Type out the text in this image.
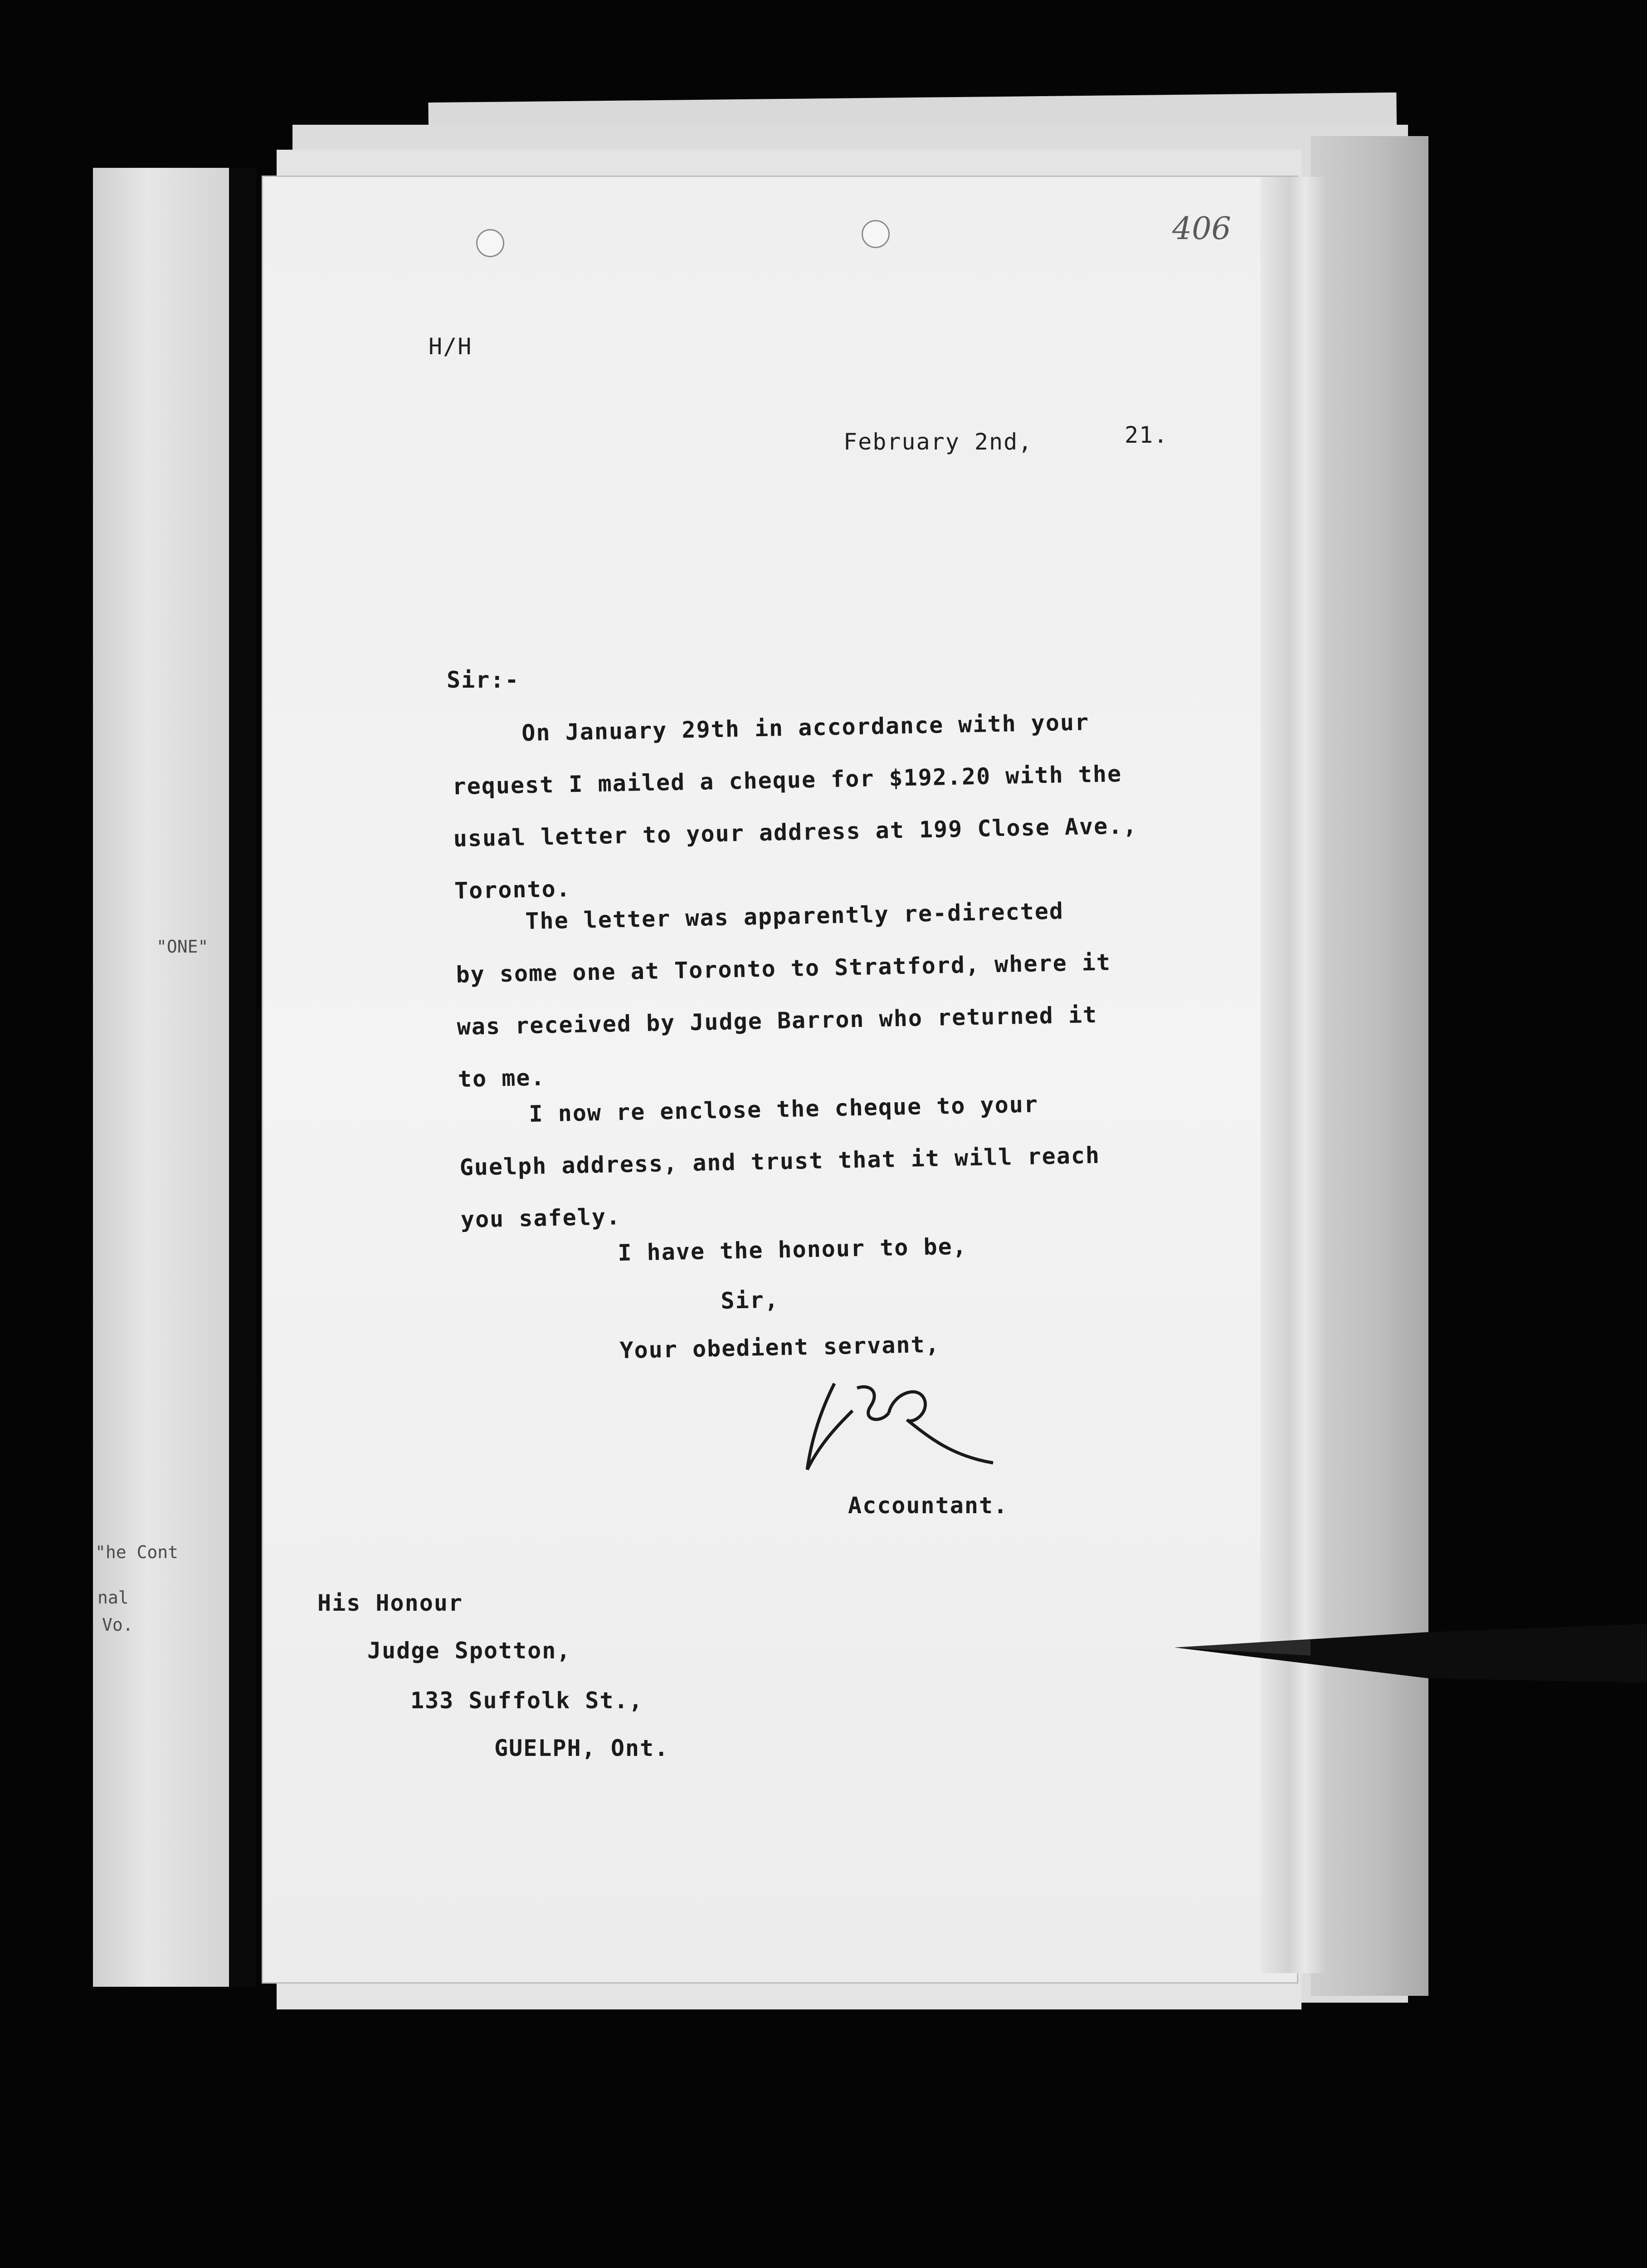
"ONE"
"he Cont
nal
Vo.
406
H/H
February 2nd,	21.
Sir:-
On January 29th in accordance with your
request I mailed a cheque for $192.20 with the
usual letter to your address at 199 Close Ave.,
Toronto.
The letter was apparently re-directed
by some one at Toronto to Stratford, where it
was received by Judge Barron who returned it
to me.
I now re enclose the cheque to your
Guelph address, and trust that it will reach
you safely.
I have the honour to be,
Sir,
Your obedient servant,
Accountant.
His Honour
Judge Spotton,
133 Suffolk St.,
GUELPH, Ont.
